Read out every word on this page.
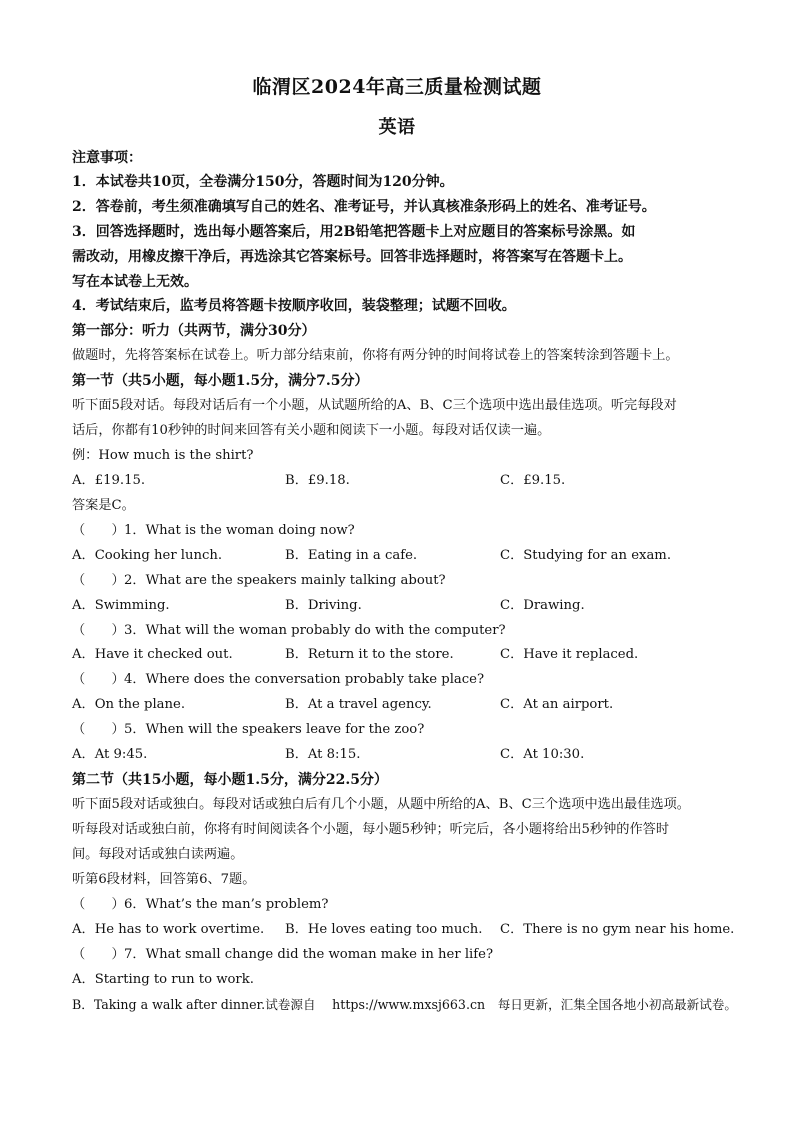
临渭区2024年高三质量检测试题
英语
注意事项：
1．本试卷共10页，全卷满分150分，答题时间为120分钟。
2．答卷前，考生须准确填写自己的姓名、准考证号，并认真核准条形码上的姓名、准考证号。
3．回答选择题时，选出每小题答案后，用2B铅笔把答题卡上对应题目的答案标号涂黑。如
需改动，用橡皮擦干净后，再选涂其它答案标号。回答非选择题时，将答案写在答题卡上。
写在本试卷上无效。
4．考试结束后，监考员将答题卡按顺序收回，装袋整理；试题不回收。
第一部分：听力（共两节，满分30分）
做题时，先将答案标在试卷上。听力部分结束前，你将有两分钟的时间将试卷上的答案转涂到答题卡上。
第一节（共5小题，每小题1.5分，满分7.5分）
听下面5段对话。每段对话后有一个小题，从试题所给的A、B、C三个选项中选出最佳选项。听完每段对
话后，你都有10秒钟的时间来回答有关小题和阅读下一小题。每段对话仅读一遍。
例：How much is the shirt?
A．£19.15.	B．£9.18.	C．£9.15.
答案是C。
（　　）1．What is the woman doing now?
A．Cooking her lunch.	B．Eating in a cafe.	C．Studying for an exam.
（　　）2．What are the speakers mainly talking about?
A．Swimming.	B．Driving.	C．Drawing.
（　　）3．What will the woman probably do with the computer?
A．Have it checked out.	B．Return it to the store.	C．Have it replaced.
（　　）4．Where does the conversation probably take place?
A．On the plane.	B．At a travel agency.	C．At an airport.
（　　）5．When will the speakers leave for the zoo?
A．At 9:45.	B．At 8:15.	C．At 10:30.
第二节（共15小题，每小题1.5分，满分22.5分）
听下面5段对话或独白。每段对话或独白后有几个小题，从题中所给的A、B、C三个选项中选出最佳选项。
听每段对话或独白前，你将有时间阅读各个小题，每小题5秒钟；听完后，各小题将给出5秒钟的作答时
间。每段对话或独白读两遍。
听第6段材料，回答第6、7题。
（　　）6．What’s the man’s problem?
A．He has to work overtime. B．He loves eating too much. C．There is no gym near his home.
（　　）7．What small change did the woman make in her life?
A．Starting to run to work.
B．Taking a walk after dinner.试卷源自　 https://www.mxsj663.cn　每日更新，汇集全国各地小初高最新试卷。
